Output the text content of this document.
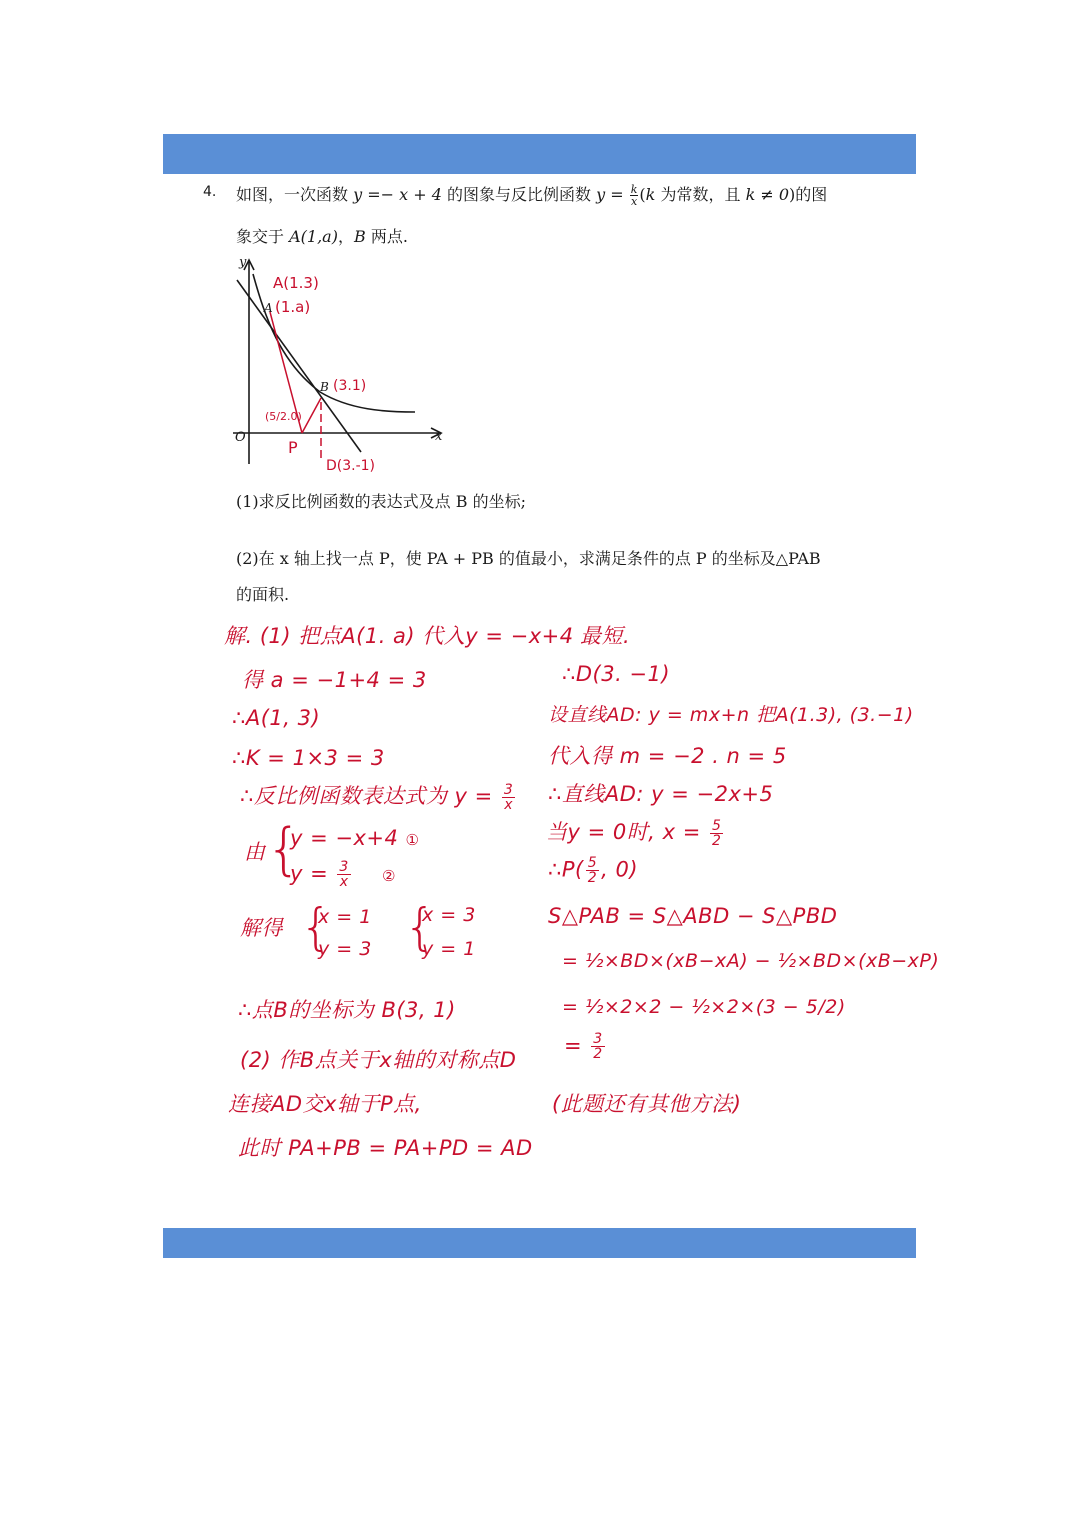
4. 如图，一次函数 y =− x + 4 的图象与反比例函数 $y = \frac{k}{x} (k$ 为常数，且 k ≠ 0)的图
象交于 A(1,a)，B 两点.
y
x
O
A
B
A(1.3)
(1.a)
(3.1)
(5/2.0)
P
D(3.-1)
(1)求反比例函数的表达式及点 B 的坐标;
(2)在 x 轴上找一点 P，使 PA + PB 的值最小，求满足条件的点 P 的坐标及△PAB
的面积.
解. (1) 把点A(1. a) 代入y = −x+4
得 a = −1+4 = 3
∴A(1, 3)
∴K = 1×3 = 3
∴反比例函数表达式为 $y = \frac{3}{x}$
由 {
y = −x+4 ①
$y = \frac{3}{x}$ ②
解得 {
x = 1
y = 3 {
x = 3
y = 1
∴点B的坐标为 B(3, 1)
(2) 作B点关于x轴的对称点D
连接AD交x轴于P点,
此时 PA+PB = PA+PD = AD
最短.
∴D(3. −1)
设直线AD: y = mx+n 把A(1.3), (3.−1)
代入得 m = −2 . n = 5
∴直线AD: y = −2x+5
当y = 0时, $x = \frac{5}{2}$
∴P( $\frac{5}{2}$ , 0)
S△PAB = S△ABD − S△PBD
= ½×BD×(xB−xA) − ½×BD×(xB−xP)
= ½×2×2 − ½×2×(3 − 5/2)
= $\frac{3}{2}$
(此题还有其他方法)
